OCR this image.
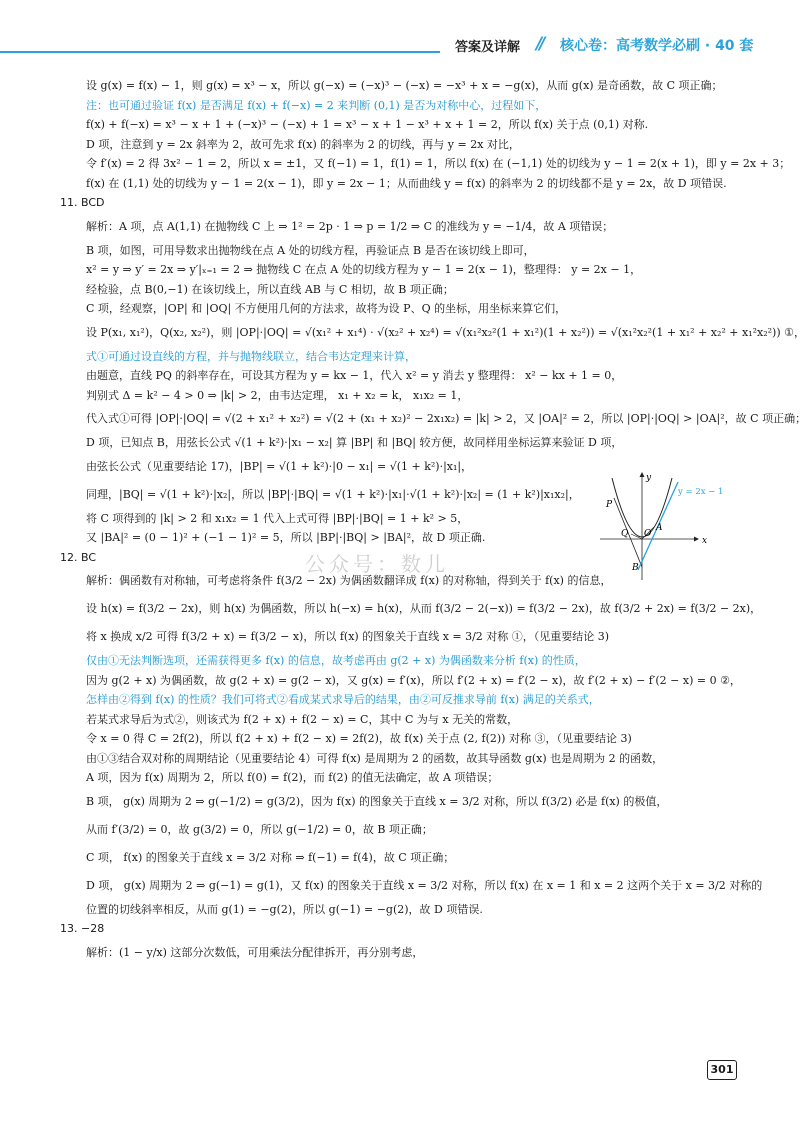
答案及详解 // 核心卷：高考数学必刷 · 40 套
设 g(x) = f(x) − 1，则 g(x) = x³ − x，所以 g(−x) = (−x)³ − (−x) = −x³ + x = −g(x)，从而 g(x) 是奇函数，故 C 项正确；
注：也可通过验证 f(x) 是否满足 f(x) + f(−x) = 2 来判断 (0,1) 是否为对称中心，过程如下，
f(x) + f(−x) = x³ − x + 1 + (−x)³ − (−x) + 1 = x³ − x + 1 − x³ + x + 1 = 2，所以 f(x) 关于点 (0,1) 对称.
D 项，注意到 y = 2x 斜率为 2，故可先求 f(x) 的斜率为 2 的切线，再与 y = 2x 对比，
令 f′(x) = 2 得 3x² − 1 = 2，所以 x = ±1，又 f(−1) = 1，f(1) = 1，所以 f(x) 在 (−1,1) 处的切线为 y − 1 = 2(x + 1)，即 y = 2x + 3；
f(x) 在 (1,1) 处的切线为 y − 1 = 2(x − 1)，即 y = 2x − 1；从而曲线 y = f(x) 的斜率为 2 的切线都不是 y = 2x，故 D 项错误.
11. BCD
解析：A 项，点 A(1,1) 在抛物线 C 上 ⇒ 1² = 2p · 1 ⇒ p = 1/2 ⇒ C 的准线为 y = −1/4，故 A 项错误；
B 项，如图，可用导数求出抛物线在点 A 处的切线方程，再验证点 B 是否在该切线上即可，
x² = y ⇒ y′ = 2x ⇒ y′|ₓ₌₁ = 2 ⇒ 抛物线 C 在点 A 处的切线方程为 y − 1 = 2(x − 1)，整理得： y = 2x − 1，
经检验，点 B(0,−1) 在该切线上，所以直线 AB 与 C 相切，故 B 项正确；
C 项，经观察，|OP| 和 |OQ| 不方便用几何的方法求，故将为设 P、Q 的坐标，用坐标来算它们，
设 P(x₁, x₁²)，Q(x₂, x₂²)，则 |OP|·|OQ| = √(x₁² + x₁⁴) · √(x₂² + x₂⁴) = √(x₁²x₂²(1 + x₁²)(1 + x₂²)) = √(x₁²x₂²(1 + x₁² + x₂² + x₁²x₂²)) ①，
式①可通过设直线的方程，并与抛物线联立，结合韦达定理来计算，
由题意，直线 PQ 的斜率存在，可设其方程为 y = kx − 1，代入 x² = y 消去 y 整理得： x² − kx + 1 = 0，
判别式 Δ = k² − 4 > 0 ⇒ |k| > 2，由韦达定理， x₁ + x₂ = k， x₁x₂ = 1，
代入式①可得 |OP|·|OQ| = √(2 + x₁² + x₂²) = √(2 + (x₁ + x₂)² − 2x₁x₂) = |k| > 2，又 |OA|² = 2，所以 |OP|·|OQ| > |OA|²，故 C 项正确；
D 项，已知点 B，用弦长公式 √(1 + k²)·|x₁ − x₂| 算 |BP| 和 |BQ| 较方便，故同样用坐标运算来验证 D 项，
由弦长公式（见重要结论 17)，|BP| = √(1 + k²)·|0 − x₁| = √(1 + k²)·|x₁|，
同理，|BQ| = √(1 + k²)·|x₂|，所以 |BP|·|BQ| = √(1 + k²)·|x₁|·√(1 + k²)·|x₂| = (1 + k²)|x₁x₂|，
将 C 项得到的 |k| > 2 和 x₁x₂ = 1 代入上式可得 |BP|·|BQ| = 1 + k² > 5，
又 |BA|² = (0 − 1)² + (−1 − 1)² = 5，所以 |BP|·|BQ| > |BA|²，故 D 项正确.
12. BC
解析：偶函数有对称轴，可考虑将条件 f(3/2 − 2x) 为偶函数翻译成 f(x) 的对称轴，得到关于 f(x) 的信息，
设 h(x) = f(3/2 − 2x)，则 h(x) 为偶函数，所以 h(−x) = h(x)，从而 f(3/2 − 2(−x)) = f(3/2 − 2x)，故 f(3/2 + 2x) = f(3/2 − 2x)，
将 x 换成 x/2 可得 f(3/2 + x) = f(3/2 − x)，所以 f(x) 的图象关于直线 x = 3/2 对称 ①，（见重要结论 3)
仅由①无法判断选项，还需获得更多 f(x) 的信息，故考虑再由 g(2 + x) 为偶函数来分析 f(x) 的性质，
因为 g(2 + x) 为偶函数，故 g(2 + x) = g(2 − x)，又 g(x) = f′(x)，所以 f′(2 + x) = f′(2 − x)，故 f′(2 + x) − f′(2 − x) = 0 ②，
怎样由②得到 f(x) 的性质？我们可将式②看成某式求导后的结果，由②可反推求导前 f(x) 满足的关系式，
若某式求导后为式②，则该式为 f(2 + x) + f(2 − x) = C，其中 C 为与 x 无关的常数，
令 x = 0 得 C = 2f(2)，所以 f(2 + x) + f(2 − x) = 2f(2)，故 f(x) 关于点 (2, f(2)) 对称 ③，（见重要结论 3)
由①③结合双对称的周期结论（见重要结论 4）可得 f(x) 是周期为 2 的函数，故其导函数 g(x) 也是周期为 2 的函数，
A 项，因为 f(x) 周期为 2，所以 f(0) = f(2)，而 f(2) 的值无法确定，故 A 项错误；
B 项， g(x) 周期为 2 ⇒ g(−1/2) = g(3/2)，因为 f(x) 的图象关于直线 x = 3/2 对称，所以 f(3/2) 必是 f(x) 的极值，
从而 f′(3/2) = 0，故 g(3/2) = 0，所以 g(−1/2) = 0，故 B 项正确；
C 项， f(x) 的图象关于直线 x = 3/2 对称 ⇒ f(−1) = f(4)，故 C 项正确；
D 项， g(x) 周期为 2 ⇒ g(−1) = g(1)，又 f(x) 的图象关于直线 x = 3/2 对称，所以 f(x) 在 x = 1 和 x = 2 这两个关于 x = 3/2 对称的
位置的切线斜率相反，从而 g(1) = −g(2)，所以 g(−1) = −g(2)，故 D 项错误.
13. −28
解析：(1 − y/x) 这部分次数低，可用乘法分配律拆开，再分别考虑，
y
x
O
P
Q
A
B
y = 2x − 1
公众号：数儿
301
